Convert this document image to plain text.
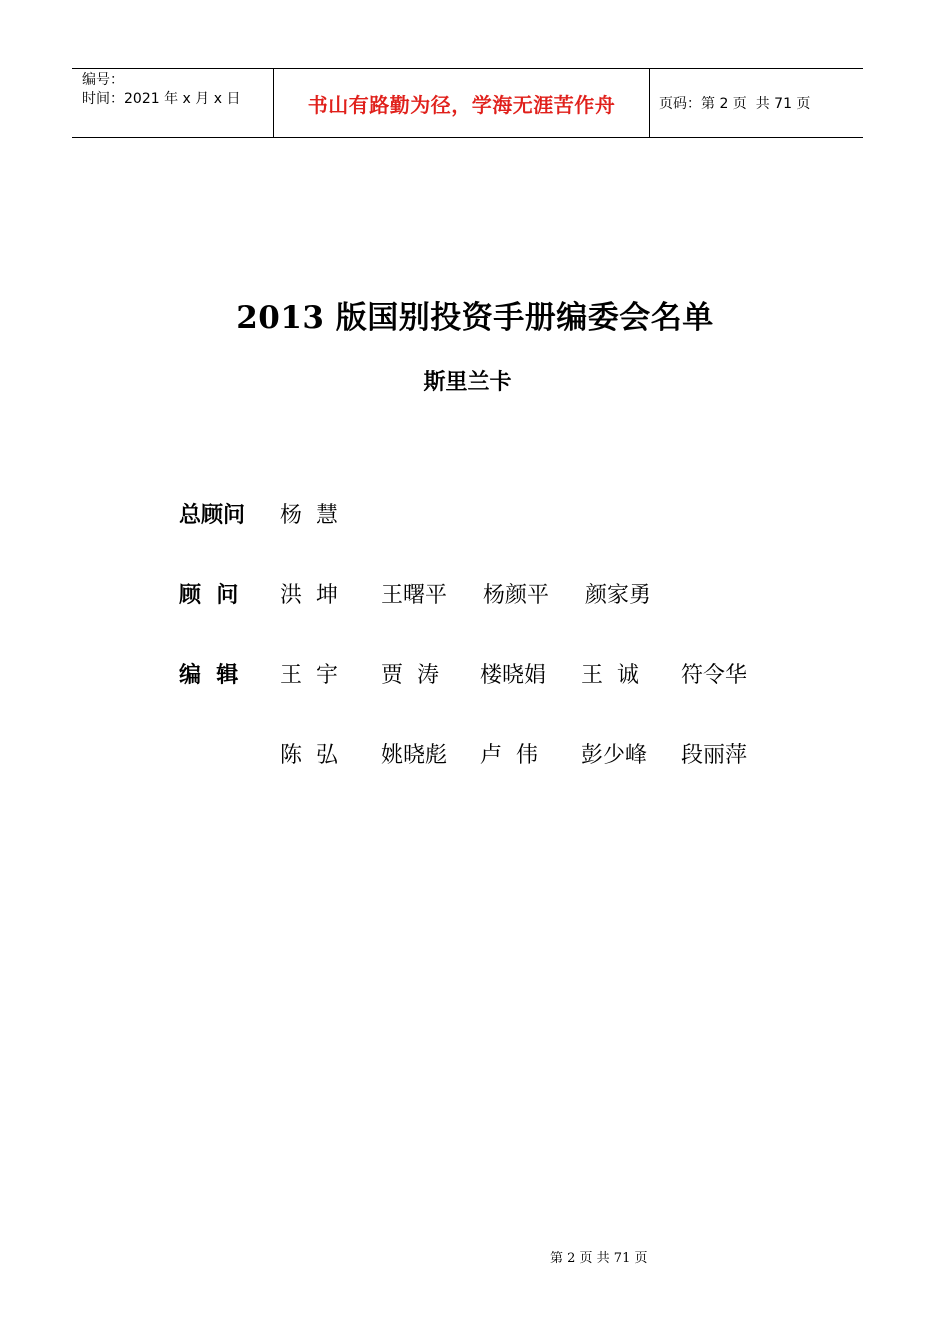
编号：
时间：2021 年 x 月 x 日	书山有路勤为径，学海无涯苦作舟	页码：第 2 页  共 71 页
2013 版国别投资手册编委会名单
斯里兰卡
总顾问 杨  慧
顾  问 洪  坤 王曙平 杨颜平 颜家勇
编  辑 王  宇 贾  涛 楼晓娟 王  诚 符令华
陈  弘 姚晓彪 卢  伟 彭少峰 段丽萍
第 2 页 共 71 页
